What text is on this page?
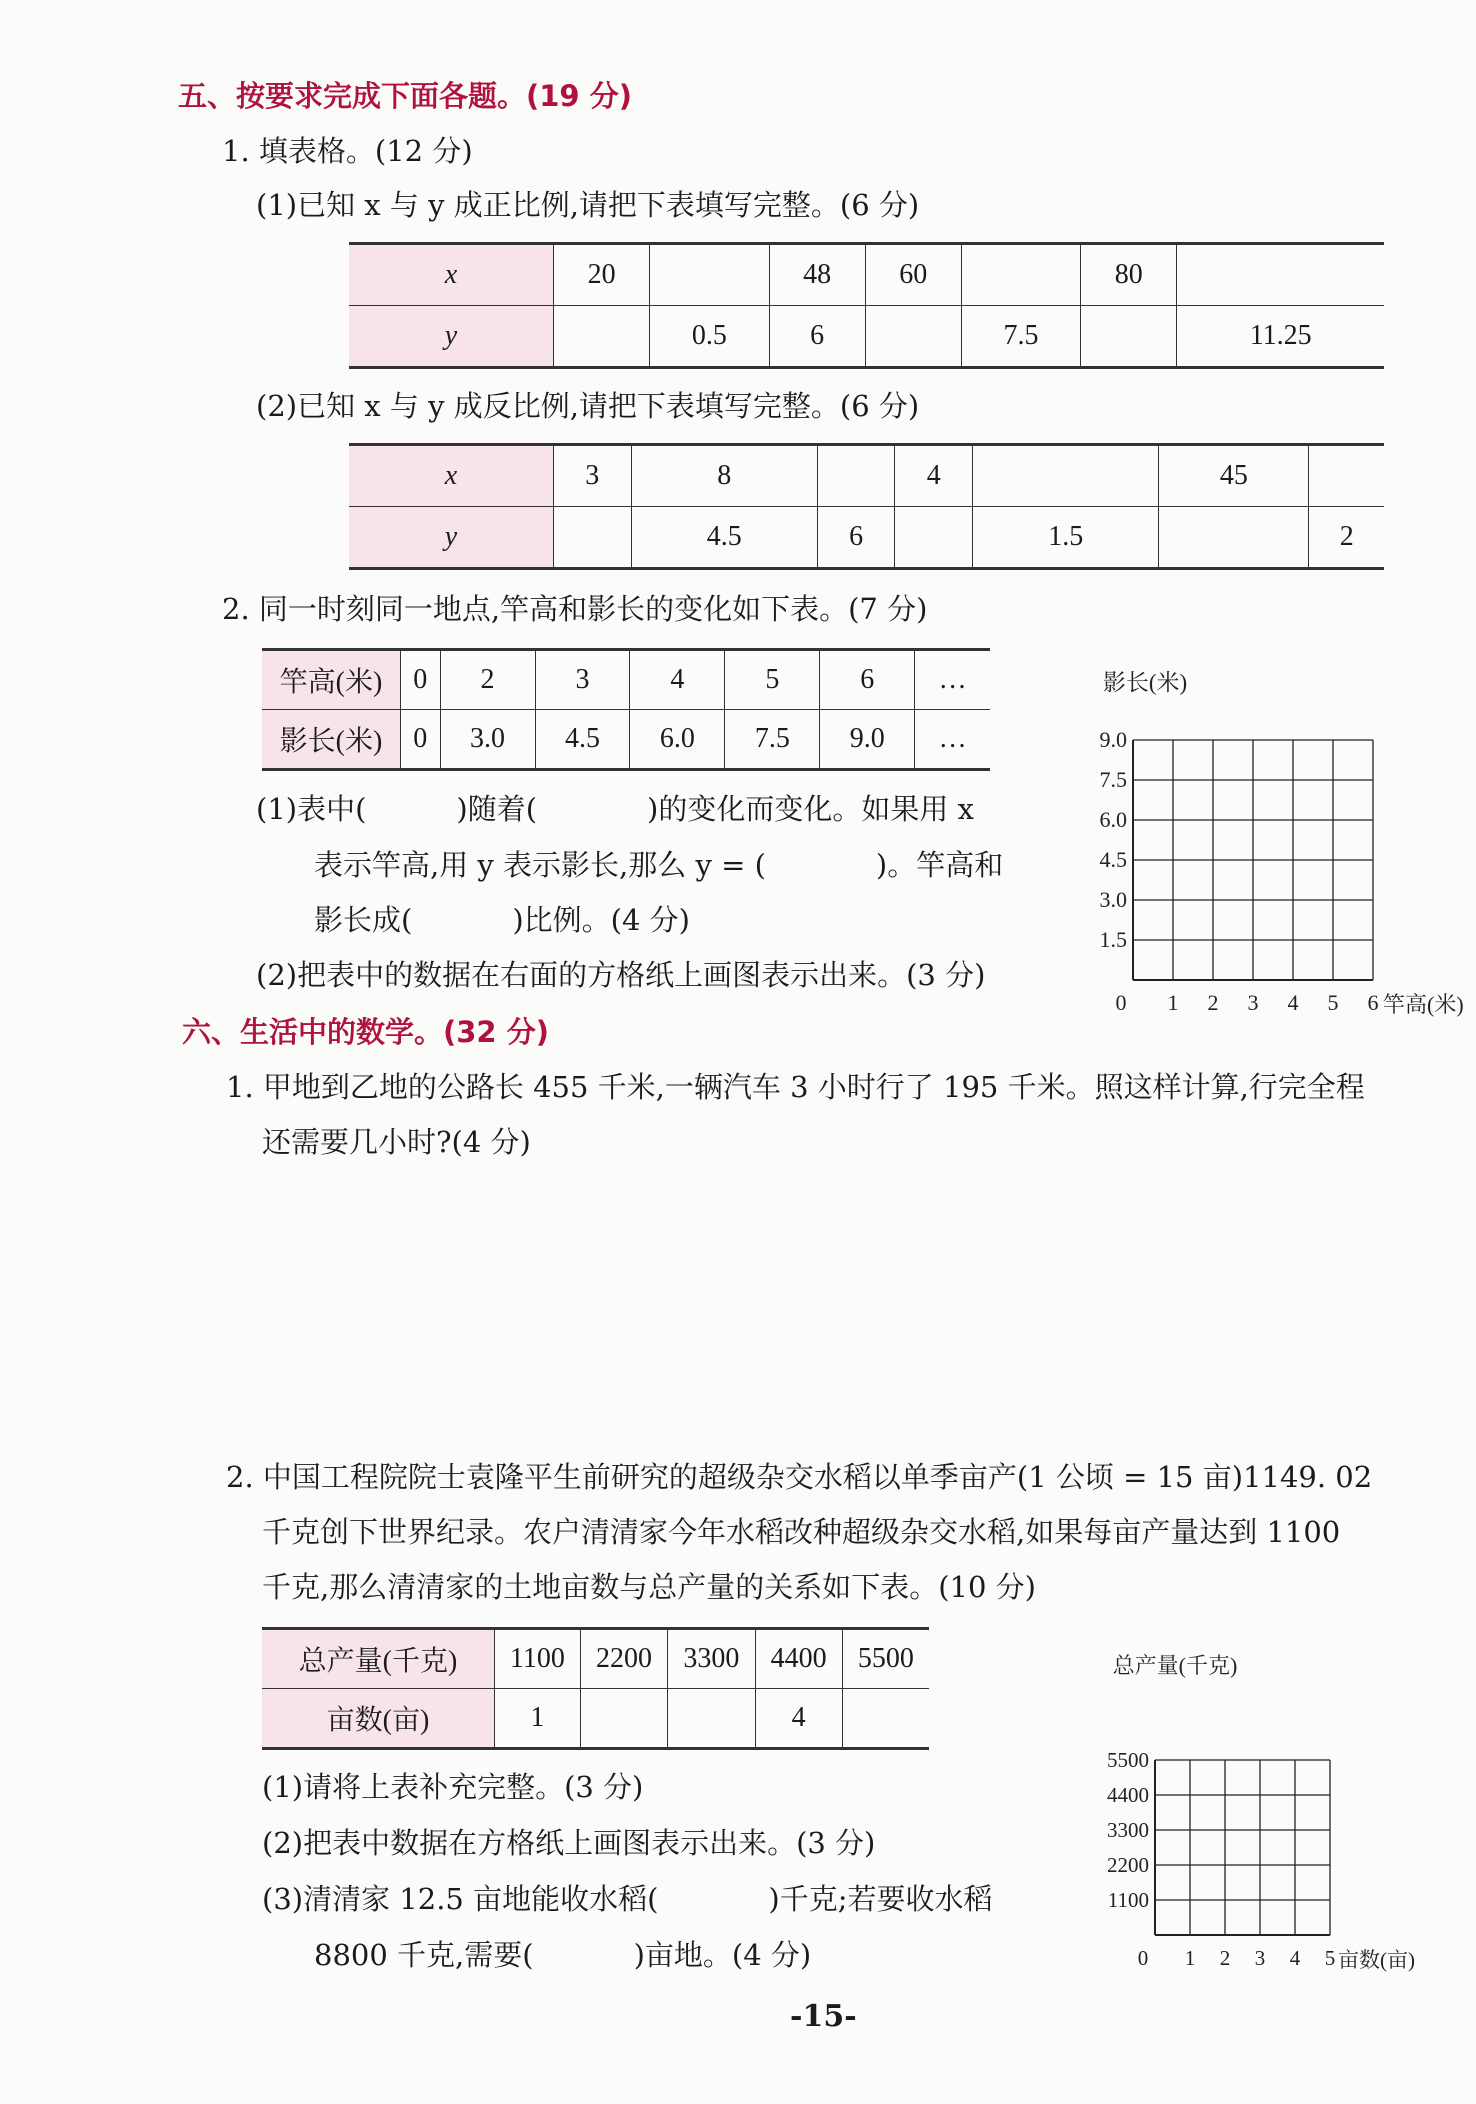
五、按要求完成下面各题。(19 分)
1. 填表格。(12 分)
(1)已知 x 与 y 成正比例,请把下表填写完整。(6 分)
x	20		48	60		80	
y		0.5	6		7.5		11.25
(2)已知 x 与 y 成反比例,请把下表填写完整。(6 分)
x	3	8		4		45	
y		4.5	6		1.5		2
2. 同一时刻同一地点,竿高和影长的变化如下表。(7 分)
竿高(米)	0	2	3	4	5	6	…
影长(米)	0	3.0	4.5	6.0	7.5	9.0	…
(1)表中(	)随着(	)的变化而变化。如果用 x
表示竿高,用 y 表示影长,那么 y = (	)。竿高和
影长成(	)比例。(4 分)
(2)把表中的数据在右面的方格纸上画图表示出来。(3 分)
1.5
3.0
4.5
6.0
7.5
9.0
0 1 2 3 4 5 6
影长(米)
竿高(米)
六、生活中的数学。(32 分)
1. 甲地到乙地的公路长 455 千米,一辆汽车 3 小时行了 195 千米。照这样计算,行完全程
还需要几小时?(4 分)
2. 中国工程院院士袁隆平生前研究的超级杂交水稻以单季亩产(1 公顷 = 15 亩)1149. 02
千克创下世界纪录。农户清清家今年水稻改种超级杂交水稻,如果每亩产量达到 1100
千克,那么清清家的土地亩数与总产量的关系如下表。(10 分)
总产量(千克)	1100	2200	3300	4400	5500
亩数(亩)	1			4	
(1)请将上表补充完整。(3 分)
(2)把表中数据在方格纸上画图表示出来。(3 分)
(3)清清家 12.5 亩地能收水稻(	)千克;若要收水稻
8800 千克,需要(	)亩地。(4 分)
1100
2200
3300
4400
5500
0 1 2 3 4 5
总产量(千克)
亩数(亩)
-15-
